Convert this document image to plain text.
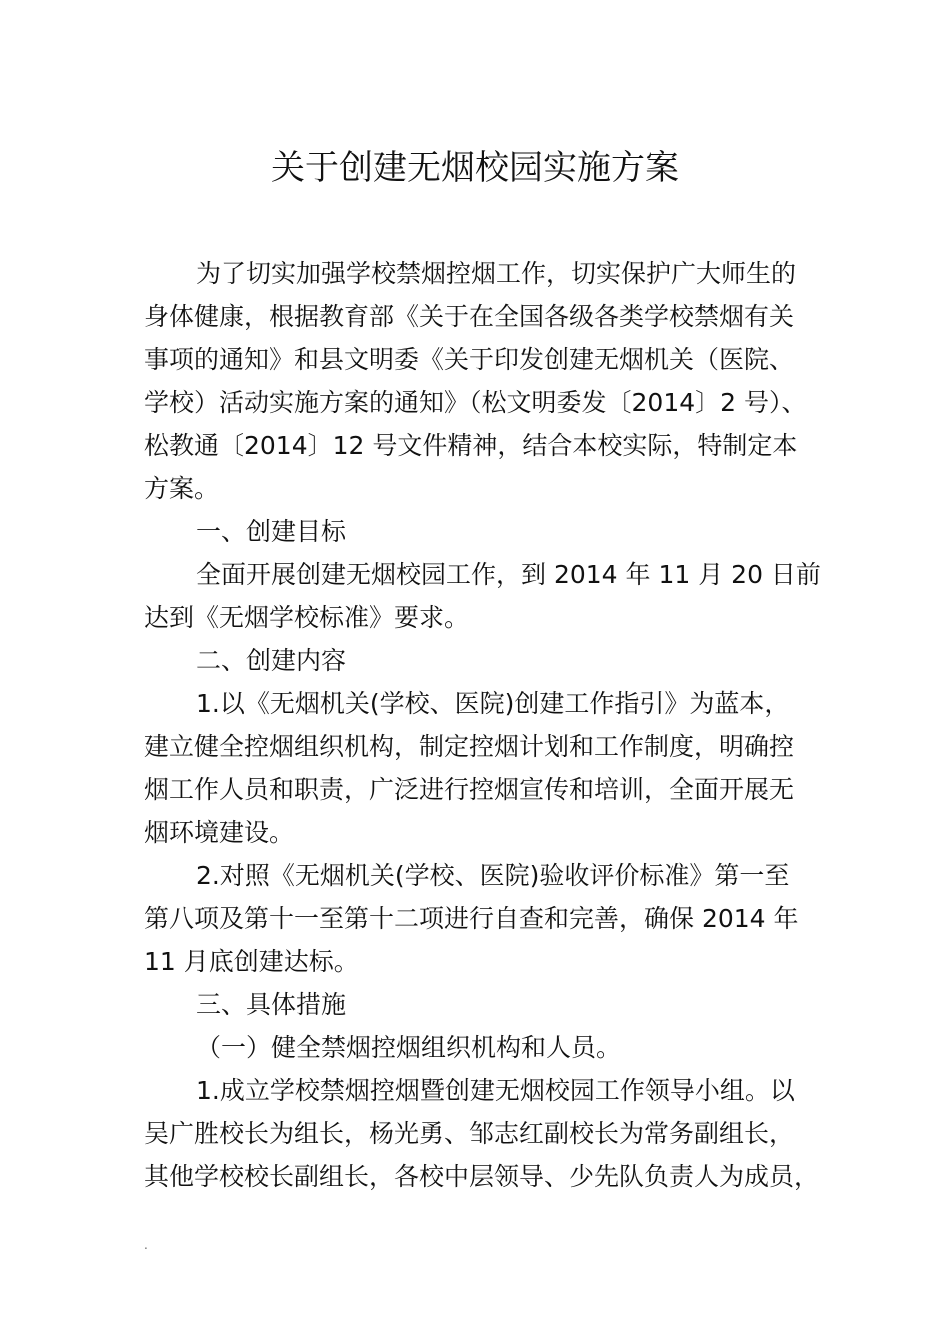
关于创建无烟校园实施方案

为了切实加强学校禁烟控烟工作，切实保护广大师生的
身体健康，根据教育部《关于在全国各级各类学校禁烟有关
事项的通知》和县文明委《关于印发创建无烟机关（医院、
学校）活动实施方案的通知》（松文明委发〔2014〕2 号）、
松教通〔2014〕12 号文件精神，结合本校实际，特制定本
方案。

一、创建目标

全面开展创建无烟校园工作，到 2014 年 11 月 20 日前
达到《无烟学校标准》要求。

二、创建内容

1.以《无烟机关(学校、医院)创建工作指引》为蓝本，
建立健全控烟组织机构，制定控烟计划和工作制度，明确控
烟工作人员和职责，广泛进行控烟宣传和培训，全面开展无
烟环境建设。

2.对照《无烟机关(学校、医院)验收评价标准》第一至
第八项及第十一至第十二项进行自查和完善，确保 2014 年
11 月底创建达标。

三、具体措施

（一）健全禁烟控烟组织机构和人员。

1.成立学校禁烟控烟暨创建无烟校园工作领导小组。以
吴广胜校长为组长，杨光勇、邹志红副校长为常务副组长，
其他学校校长副组长，各校中层领导、少先队负责人为成员，

.
